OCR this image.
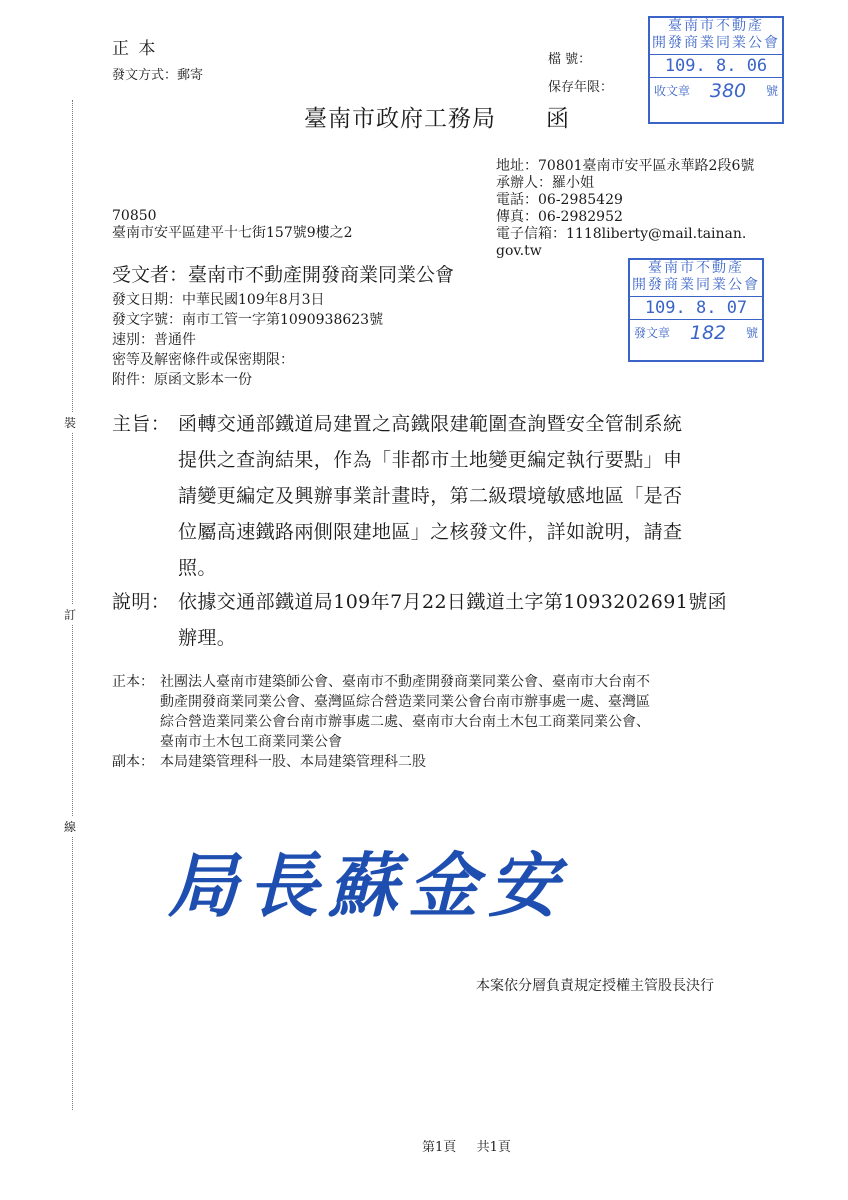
裝
訂
線
正 本
發文方式：郵寄
檔 號：
保存年限：
臺南市政府工務局 函
臺南市不動產
開發商業同業公會
109. 8. 06
收文章 380 號
地址：70801臺南市安平區永華路2段6號
承辦人：羅小姐
電話：06-2985429
傳真：06-2982952
電子信箱：1118liberty@mail.tainan.
gov.tw
70850
臺南市安平區建平十七街157號9樓之2
受文者：臺南市不動產開發商業同業公會	臺南市不動產
開發商業同業公會
109. 8. 07
發文章 182 號
發文日期：中華民國109年8月3日
發文字號：南市工管一字第1090938623號
速別：普通件
密等及解密條件或保密期限：
附件：原函文影本一份
主旨： 函轉交通部鐵道局建置之高鐵限建範圍查詢暨安全管制系統
提供之查詢結果，作為「非都市土地變更編定執行要點」申
請變更編定及興辦事業計畫時，第二級環境敏感地區「是否
位屬高速鐵路兩側限建地區」之核發文件，詳如說明，請查
照。
說明： 依據交通部鐵道局109年7月22日鐵道土字第1093202691號函
辦理。
正本： 社團法人臺南市建築師公會、臺南市不動產開發商業同業公會、臺南市大台南不
動產開發商業同業公會、臺灣區綜合營造業同業公會台南市辦事處一處、臺灣區
綜合營造業同業公會台南市辦事處二處、臺南市大台南土木包工商業同業公會、
臺南市土木包工商業同業公會
副本： 本局建築管理科一股、本局建築管理科二股
局長蘇金安
本案依分層負責規定授權主管股長決行
第1頁 共1頁
